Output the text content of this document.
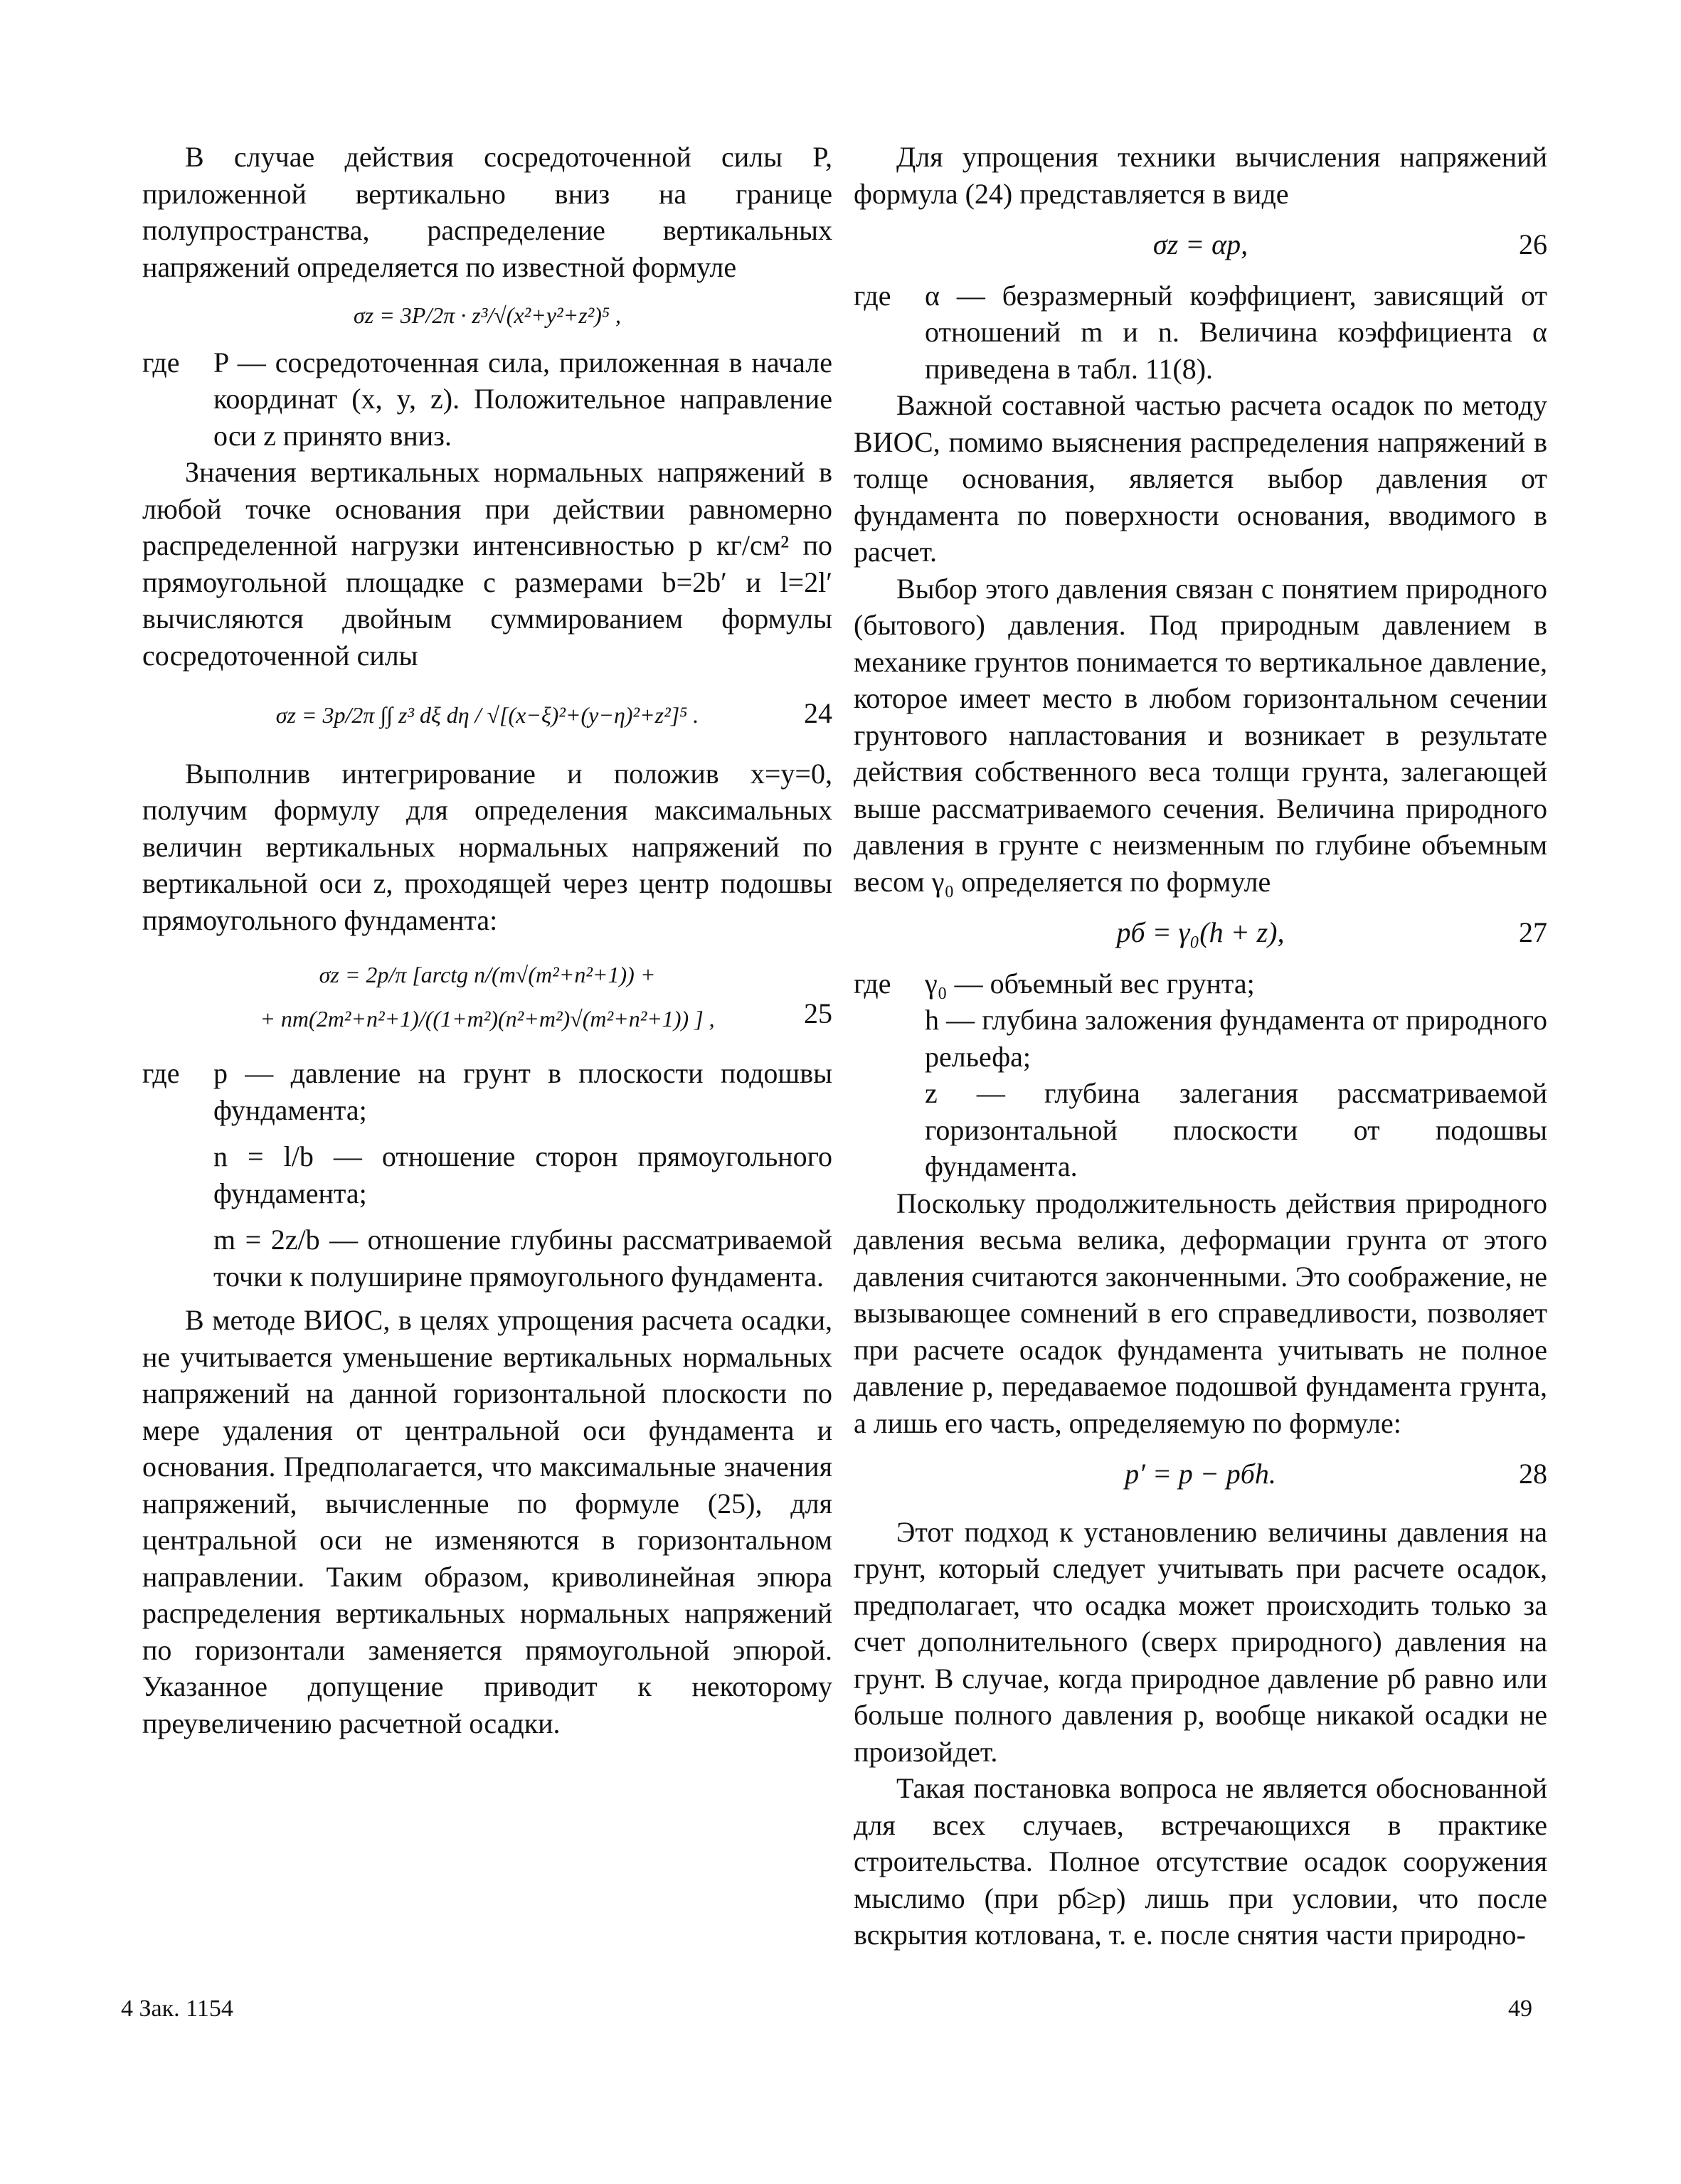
В случае действия сосредоточенной силы P, приложенной вертикально вниз на границе полупространства, распределение вертикальных напряжений определяется по известной формуле

σz = 3P/2π · z³/√(x²+y²+z²)⁵ ,
где	P — сосредоточенная сила, приложенная в начале координат (x, y, z). Положительное направление оси z принято вниз.

Значения вертикальных нормальных напряжений в любой точке основания при действии равномерно распределенной нагрузки интенсивностью p кг/см² по прямоугольной площадке с размерами b=2b′ и l=2l′ вычисляются двойным суммированием формулы сосредоточенной силы

σz = 3p/2π ∫∫ z³ dξ dη / √[(x−ξ)²+(y−η)²+z²]⁵ .	24

Выполнив интегрирование и положив x=y=0, получим формулу для определения максимальных величин вертикальных нормальных напряжений по вертикальной оси z, проходящей через центр подошвы прямоугольного фундамента:

σz = 2p/π [arctg n/(m√(m²+n²+1)) +
+ nm(2m²+n²+1)/((1+m²)(n²+m²)√(m²+n²+1)) ] ,	25
где	p — давление на грунт в плоскости подошвы фундамента;
n = l/b — отношение сторон прямоугольного фундамента;
m = 2z/b — отношение глубины рассматриваемой точки к полуширине прямоугольного фундамента.

В методе ВИОС, в целях упрощения расчета осадки, не учитывается уменьшение вертикальных нормальных напряжений на данной горизонтальной плоскости по мере удаления от центральной оси фундамента и основания. Предполагается, что максимальные значения напряжений, вычисленные по формуле (25), для центральной оси не изменяются в горизонтальном направлении. Таким образом, криволинейная эпюра распределения вертикальных нормальных напряжений по горизонтали заменяется прямоугольной эпюрой. Указанное допущение приводит к некоторому преувеличению расчетной осадки.

Для упрощения техники вычисления напряжений формула (24) представляется в виде

σz = αp,	26
где	α — безразмерный коэффициент, зависящий от отношений m и n. Величина коэффициента α приведена в табл. 11(8).

Важной составной частью расчета осадок по методу ВИОС, помимо выяснения распределения напряжений в толще основания, является выбор давления от фундамента по поверхности основания, вводимого в расчет.

Выбор этого давления связан с понятием природного (бытового) давления. Под природным давлением в механике грунтов понимается то вертикальное давление, которое имеет место в любом горизонтальном сечении грунтового напластования и возникает в результате действия собственного веса толщи грунта, залегающей выше рассматриваемого сечения. Величина природного давления в грунте с неизменным по глубине объемным весом γ₀ определяется по формуле

pб = γ₀(h + z),	27
где	γ₀ — объемный вес грунта;
h — глубина заложения фундамента от природного рельефа;
z — глубина залегания рассматриваемой горизонтальной плоскости от подошвы фундамента.

Поскольку продолжительность действия природного давления весьма велика, деформации грунта от этого давления считаются законченными. Это соображение, не вызывающее сомнений в его справедливости, позволяет при расчете осадок фундамента учитывать не полное давление p, передаваемое подошвой фундамента грунта, а лишь его часть, определяемую по формуле:

p′ = p − pбh.	28

Этот подход к установлению величины давления на грунт, который следует учитывать при расчете осадок, предполагает, что осадка может происходить только за счет дополнительного (сверх природного) давления на грунт. В случае, когда природное давление pб равно или больше полного давления p, вообще никакой осадки не произойдет.

Такая постановка вопроса не является обоснованной для всех случаев, встречающихся в практике строительства. Полное отсутствие осадок сооружения мыслимо (при pб≥p) лишь при условии, что после вскрытия котлована, т. е. после снятия части природно-

4 Зак. 1154	49
